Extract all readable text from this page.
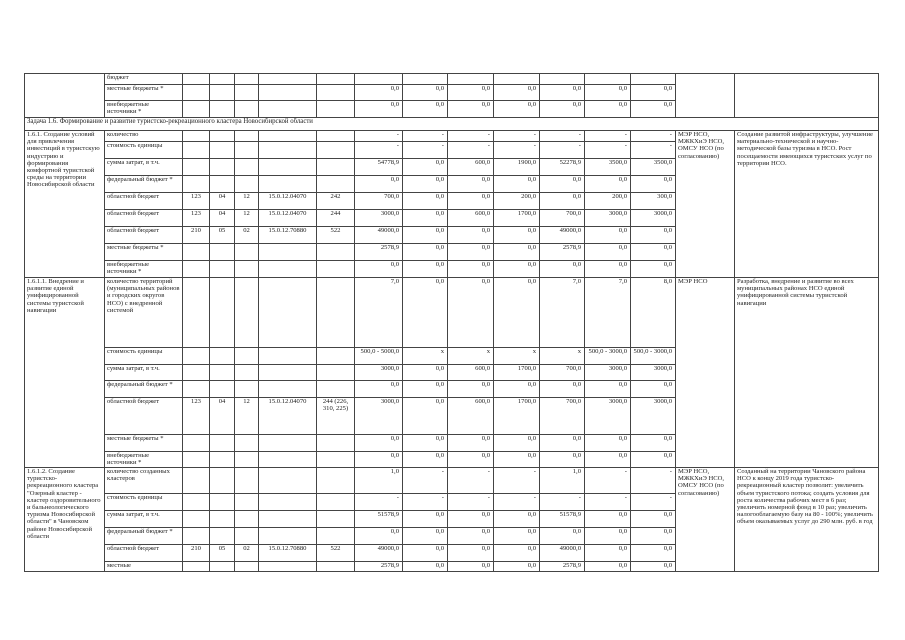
	бюджет														
	местные бюджеты *						0,0	0,0	0,0	0,0	0,0	0,0	0,0		
	внебюджетные источники *						0,0	0,0	0,0	0,0	0,0	0,0	0,0		
Задача 1.6. Формирование и развитие туристско-рекреационного кластера Новосибирской области															
1.6.1. Создание условий для привлечения инвестиций в туристскую индустрию и формирования комфортной туристской среды на территории Новосибирской области	количество						-	-	-	-	-	-	-	МЭР НСО, МЖКХиЭ НСО, ОМСУ НСО (по согласованию)	Создание развитой инфраструктуры, улучшение материально-технической и научно-методической базы туризма в НСО. Рост посещаемости имеющихся туристских услуг по территории НСО.
	стоимость единицы						-	-	-	-	-	-	-		
	сумма затрат, в т.ч.						54778,9	0,0	600,0	1900,0	52278,9	3500,0	3500,0		
	федеральный бюджет *						0,0	0,0	0,0	0,0	0,0	0,0	0,0		
	областной бюджет	123	04	12	15.0.12.04070	242	700,0	0,0	0,0	200,0	0,0	200,0	300,0		
	областной бюджет	123	04	12	15.0.12.04070	244	3000,0	0,0	600,0	1700,0	700,0	3000,0	3000,0		
	областной бюджет	210	05	02	15.0.12.70880	522	49000,0	0,0	0,0	0,0	49000,0	0,0	0,0		
	местные бюджеты *						2578,9	0,0	0,0	0,0	2578,9	0,0	0,0		
	внебюджетные источники *						0,0	0,0	0,0	0,0	0,0	0,0	0,0		
1.6.1.1. Внедрение и развитие единой унифицированной системы туристской навигации	количество территорий (муниципальных районов и городских округов НСО) с внедренной системой						7,0	0,0	0,0	0,0	7,0	7,0	8,0	МЭР НСО	Разработка, внедрение и развитие во всех муниципальных районах НСО единой унифицированной системы туристской навигации
	стоимость единицы						500,0 - 5000,0	x	x	x	x	500,0 - 3000,0	500,0 - 3000,0		
	сумма затрат, в т.ч.						3000,0	0,0	600,0	1700,0	700,0	3000,0	3000,0		
	федеральный бюджет *						0,0	0,0	0,0	0,0	0,0	0,0	0,0		
	областной бюджет	123	04	12	15.0.12.04070	244 (226, 310, 225)	3000,0	0,0	600,0	1700,0	700,0	3000,0	3000,0		
	местные бюджеты *						0,0	0,0	0,0	0,0	0,0	0,0	0,0		
	внебюджетные источники *						0,0	0,0	0,0	0,0	0,0	0,0	0,0		
1.6.1.2. Создание туристско-рекреационного кластера "Озерный кластер - кластер оздоровительного и бальнеологического туризма Новосибирской области" в Чановском районе Новосибирской области	количество созданных кластеров						1,0	-	-	-	1,0	-	-	МЭР НСО, МЖКХиЭ НСО, ОМСУ НСО (по согласованию)	Созданный на территории Чановского района НСО к концу 2019 года туристско-рекреационный кластер позволит: увеличить объем туристского потока; создать условия для роста количества рабочих мест в 6 раз; увеличить номерной фонд в 10 раз; увеличить налогооблагаемую базу на 80 - 100%; увеличить объем оказываемых услуг до 290 млн. руб. в год
	стоимость единицы						-	-	-	-	-	-	-		
	сумма затрат, в т.ч.						51578,9	0,0	0,0	0,0	51578,9	0,0	0,0		
	федеральный бюджет *						0,0	0,0	0,0	0,0	0,0	0,0	0,0		
	областной бюджет	210	05	02	15.0.12.70880	522	49000,0	0,0	0,0	0,0	49000,0	0,0	0,0		
	местные						2578,9	0,0	0,0	0,0	2578,9	0,0	0,0		
